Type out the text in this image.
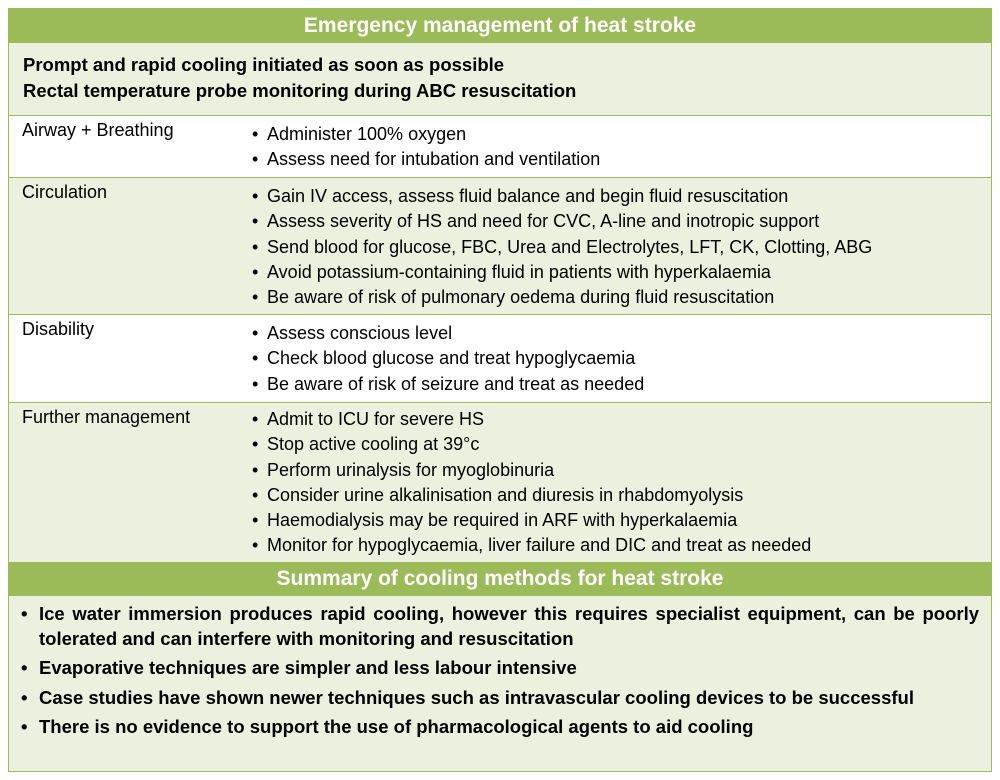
Emergency management of heat stroke
Prompt and rapid cooling initiated as soon as possible
Rectal temperature probe monitoring during ABC resuscitation
Airway + Breathing	• Administer 100% oxygen
• Assess need for intubation and ventilation
Circulation	• Gain IV access, assess fluid balance and begin fluid resuscitation
• Assess severity of HS and need for CVC, A-line and inotropic support
• Send blood for glucose, FBC, Urea and Electrolytes, LFT, CK, Clotting, ABG
• Avoid potassium-containing fluid in patients with hyperkalaemia
• Be aware of risk of pulmonary oedema during fluid resuscitation
Disability	• Assess conscious level
• Check blood glucose and treat hypoglycaemia
• Be aware of risk of seizure and treat as needed
Further management	• Admit to ICU for severe HS
• Stop active cooling at 39°c
• Perform urinalysis for myoglobinuria
• Consider urine alkalinisation and diuresis in rhabdomyolysis
• Haemodialysis may be required in ARF with hyperkalaemia
• Monitor for hypoglycaemia, liver failure and DIC and treat as needed
Summary of cooling methods for heat stroke
• Ice water immersion produces rapid cooling, however this requires specialist equipment, can be poorly tolerated and can interfere with monitoring and resuscitation
• Evaporative techniques are simpler and less labour intensive
• Case studies have shown newer techniques such as intravascular cooling devices to be successful
• There is no evidence to support the use of pharmacological agents to aid cooling
